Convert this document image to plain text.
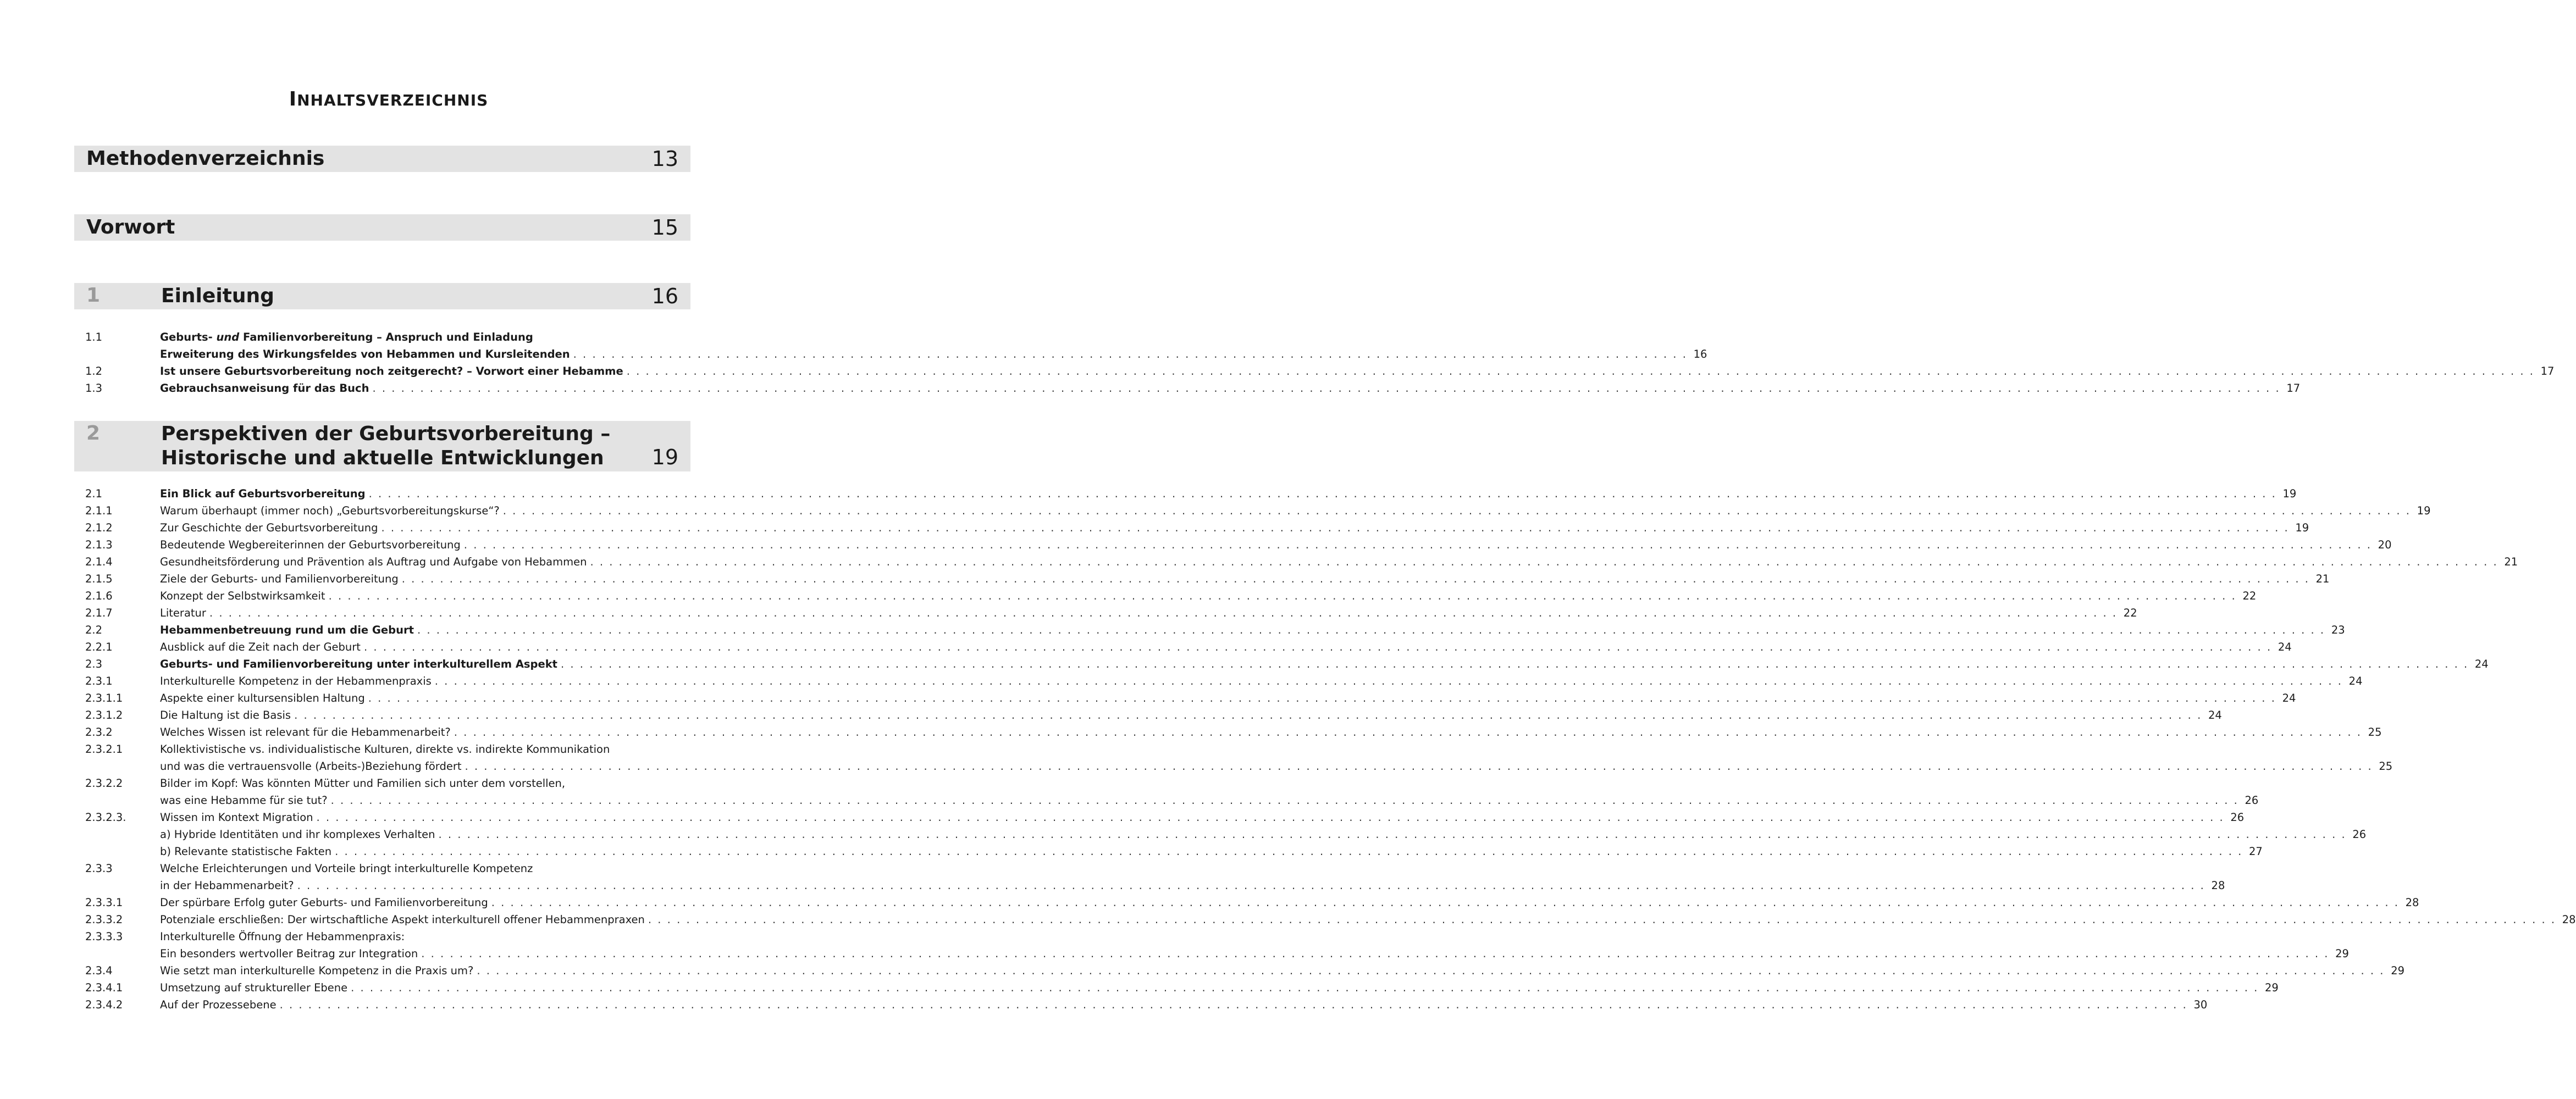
INHALTSVERZEICHNIS
Methodenverzeichnis	13
Vorwort	15
1	Einleitung	16
2	Perspektiven der Geburtsvorbereitung –
Historische und aktuelle Entwicklungen	19
1.1	Geburts- und Familienvorbereitung – Anspruch und Einladung
Erweiterung des Wirkungsfeldes von Hebammen und Kursleitenden . . . . . . . . . . . . . . . . . . . . . . . . . . . . . . . . . . . . . . . . . . . . . . . . . . . . . . . . . . . . . . . . . . . . . . . . . . . . . . . . . . . . . . . . . . . . . . . . . . . . . . . . . . . . . . . . . . . . . 16
1.2	Ist unsere Geburtsvorbereitung noch zeitgerecht? – Vorwort einer Hebamme . . . . . . . . . . . . . . . . . . . . . . . . . . . . . . . . . . . . . . . . . . . . . . . . . . . . . . . . . . . . . . . . . . . . . . . . . . . . . . . . . . . . . . . . . . . . . . . . . . . . . . . . . . . . . . . . . . . . . . . . . . . . . . . . . . . . . . . . . . . . . . . . . . . . . . . . . . . . . . . . . . . . . . . . . . . . . . . . . . . . . . . . . . . . . . . . . . . . . . . . 17
1.3	Gebrauchsanweisung für das Buch . . . . . . . . . . . . . . . . . . . . . . . . . . . . . . . . . . . . . . . . . . . . . . . . . . . . . . . . . . . . . . . . . . . . . . . . . . . . . . . . . . . . . . . . . . . . . . . . . . . . . . . . . . . . . . . . . . . . . . . . . . . . . . . . . . . . . . . . . . . . . . . . . . . . . . . . . . . . . . . . . . . . . . . . . . . . . . . . . . . . . . . . . . . . . . . . . . . . . . . . 17
2.1	Ein Blick auf Geburtsvorbereitung . . . . . . . . . . . . . . . . . . . . . . . . . . . . . . . . . . . . . . . . . . . . . . . . . . . . . . . . . . . . . . . . . . . . . . . . . . . . . . . . . . . . . . . . . . . . . . . . . . . . . . . . . . . . . . . . . . . . . . . . . . . . . . . . . . . . . . . . . . . . . . . . . . . . . . . . . . . . . . . . . . . . . . . . . . . . . . . . . . . . . . . . . . . . . . . . . . . . . . . . 19
2.1.1	Warum überhaupt (immer noch) „Geburtsvorbereitungskurse“? . . . . . . . . . . . . . . . . . . . . . . . . . . . . . . . . . . . . . . . . . . . . . . . . . . . . . . . . . . . . . . . . . . . . . . . . . . . . . . . . . . . . . . . . . . . . . . . . . . . . . . . . . . . . . . . . . . . . . . . . . . . . . . . . . . . . . . . . . . . . . . . . . . . . . . . . . . . . . . . . . . . . . . . . . . . . . . . . . . . . . . . . . . . . . . . . . . . . . . . . 19
2.1.2	Zur Geschichte der Geburtsvorbereitung . . . . . . . . . . . . . . . . . . . . . . . . . . . . . . . . . . . . . . . . . . . . . . . . . . . . . . . . . . . . . . . . . . . . . . . . . . . . . . . . . . . . . . . . . . . . . . . . . . . . . . . . . . . . . . . . . . . . . . . . . . . . . . . . . . . . . . . . . . . . . . . . . . . . . . . . . . . . . . . . . . . . . . . . . . . . . . . . . . . . . . . . . . . . . . . . . . . . . . . . 19
2.1.3	Bedeutende Wegbereiterinnen der Geburtsvorbereitung . . . . . . . . . . . . . . . . . . . . . . . . . . . . . . . . . . . . . . . . . . . . . . . . . . . . . . . . . . . . . . . . . . . . . . . . . . . . . . . . . . . . . . . . . . . . . . . . . . . . . . . . . . . . . . . . . . . . . . . . . . . . . . . . . . . . . . . . . . . . . . . . . . . . . . . . . . . . . . . . . . . . . . . . . . . . . . . . . . . . . . . . . . . . . . . . . . . . . . . . 20
2.1.4	Gesundheitsförderung und Prävention als Auftrag und Aufgabe von Hebammen . . . . . . . . . . . . . . . . . . . . . . . . . . . . . . . . . . . . . . . . . . . . . . . . . . . . . . . . . . . . . . . . . . . . . . . . . . . . . . . . . . . . . . . . . . . . . . . . . . . . . . . . . . . . . . . . . . . . . . . . . . . . . . . . . . . . . . . . . . . . . . . . . . . . . . . . . . . . . . . . . . . . . . . . . . . . . . . . . . . . . . . . . . . . . . . . . . . . . . . . 21
2.1.5	Ziele der Geburts- und Familienvorbereitung . . . . . . . . . . . . . . . . . . . . . . . . . . . . . . . . . . . . . . . . . . . . . . . . . . . . . . . . . . . . . . . . . . . . . . . . . . . . . . . . . . . . . . . . . . . . . . . . . . . . . . . . . . . . . . . . . . . . . . . . . . . . . . . . . . . . . . . . . . . . . . . . . . . . . . . . . . . . . . . . . . . . . . . . . . . . . . . . . . . . . . . . . . . . . . . . . . . . . . . . 21
2.1.6	Konzept der Selbstwirksamkeit . . . . . . . . . . . . . . . . . . . . . . . . . . . . . . . . . . . . . . . . . . . . . . . . . . . . . . . . . . . . . . . . . . . . . . . . . . . . . . . . . . . . . . . . . . . . . . . . . . . . . . . . . . . . . . . . . . . . . . . . . . . . . . . . . . . . . . . . . . . . . . . . . . . . . . . . . . . . . . . . . . . . . . . . . . . . . . . . . . . . . . . . . . . . . . . . . . . . . . . . 22
2.1.7	Literatur . . . . . . . . . . . . . . . . . . . . . . . . . . . . . . . . . . . . . . . . . . . . . . . . . . . . . . . . . . . . . . . . . . . . . . . . . . . . . . . . . . . . . . . . . . . . . . . . . . . . . . . . . . . . . . . . . . . . . . . . . . . . . . . . . . . . . . . . . . . . . . . . . . . . . . . . . . . . . . . . . . . . . . . . . . . . . . . . . . . . . . . . . . . . . . . . . . . . . . . . 22
2.2	Hebammenbetreuung rund um die Geburt . . . . . . . . . . . . . . . . . . . . . . . . . . . . . . . . . . . . . . . . . . . . . . . . . . . . . . . . . . . . . . . . . . . . . . . . . . . . . . . . . . . . . . . . . . . . . . . . . . . . . . . . . . . . . . . . . . . . . . . . . . . . . . . . . . . . . . . . . . . . . . . . . . . . . . . . . . . . . . . . . . . . . . . . . . . . . . . . . . . . . . . . . . . . . . . . . . . . . . . . 23
2.2.1	Ausblick auf die Zeit nach der Geburt . . . . . . . . . . . . . . . . . . . . . . . . . . . . . . . . . . . . . . . . . . . . . . . . . . . . . . . . . . . . . . . . . . . . . . . . . . . . . . . . . . . . . . . . . . . . . . . . . . . . . . . . . . . . . . . . . . . . . . . . . . . . . . . . . . . . . . . . . . . . . . . . . . . . . . . . . . . . . . . . . . . . . . . . . . . . . . . . . . . . . . . . . . . . . . . . . . . . . . . . 24
2.3	Geburts- und Familienvorbereitung unter interkulturellem Aspekt . . . . . . . . . . . . . . . . . . . . . . . . . . . . . . . . . . . . . . . . . . . . . . . . . . . . . . . . . . . . . . . . . . . . . . . . . . . . . . . . . . . . . . . . . . . . . . . . . . . . . . . . . . . . . . . . . . . . . . . . . . . . . . . . . . . . . . . . . . . . . . . . . . . . . . . . . . . . . . . . . . . . . . . . . . . . . . . . . . . . . . . . . . . . . . . . . . . . . . . . 24
2.3.1	Interkulturelle Kompetenz in der Hebammenpraxis . . . . . . . . . . . . . . . . . . . . . . . . . . . . . . . . . . . . . . . . . . . . . . . . . . . . . . . . . . . . . . . . . . . . . . . . . . . . . . . . . . . . . . . . . . . . . . . . . . . . . . . . . . . . . . . . . . . . . . . . . . . . . . . . . . . . . . . . . . . . . . . . . . . . . . . . . . . . . . . . . . . . . . . . . . . . . . . . . . . . . . . . . . . . . . . . . . . . . . . . 24
2.3.1.1	Aspekte einer kultursensiblen Haltung . . . . . . . . . . . . . . . . . . . . . . . . . . . . . . . . . . . . . . . . . . . . . . . . . . . . . . . . . . . . . . . . . . . . . . . . . . . . . . . . . . . . . . . . . . . . . . . . . . . . . . . . . . . . . . . . . . . . . . . . . . . . . . . . . . . . . . . . . . . . . . . . . . . . . . . . . . . . . . . . . . . . . . . . . . . . . . . . . . . . . . . . . . . . . . . . . . . . . . . . 24
2.3.1.2	Die Haltung ist die Basis . . . . . . . . . . . . . . . . . . . . . . . . . . . . . . . . . . . . . . . . . . . . . . . . . . . . . . . . . . . . . . . . . . . . . . . . . . . . . . . . . . . . . . . . . . . . . . . . . . . . . . . . . . . . . . . . . . . . . . . . . . . . . . . . . . . . . . . . . . . . . . . . . . . . . . . . . . . . . . . . . . . . . . . . . . . . . . . . . . . . . . . . . . . . . . . . . . . . . . . . 24
2.3.2	Welches Wissen ist relevant für die Hebammenarbeit? . . . . . . . . . . . . . . . . . . . . . . . . . . . . . . . . . . . . . . . . . . . . . . . . . . . . . . . . . . . . . . . . . . . . . . . . . . . . . . . . . . . . . . . . . . . . . . . . . . . . . . . . . . . . . . . . . . . . . . . . . . . . . . . . . . . . . . . . . . . . . . . . . . . . . . . . . . . . . . . . . . . . . . . . . . . . . . . . . . . . . . . . . . . . . . . . . . . . . . . . 25
2.3.2.1	Kollektivistische vs. individualistische Kulturen, direkte vs. indirekte Kommunikation
und was die vertrauensvolle (Arbeits-)Beziehung fördert . . . . . . . . . . . . . . . . . . . . . . . . . . . . . . . . . . . . . . . . . . . . . . . . . . . . . . . . . . . . . . . . . . . . . . . . . . . . . . . . . . . . . . . . . . . . . . . . . . . . . . . . . . . . . . . . . . . . . . . . . . . . . . . . . . . . . . . . . . . . . . . . . . . . . . . . . . . . . . . . . . . . . . . . . . . . . . . . . . . . . . . . . . . . . . . . . . . . . . . . 25
2.3.2.2	Bilder im Kopf: Was könnten Mütter und Familien sich unter dem vorstellen,
was eine Hebamme für sie tut? . . . . . . . . . . . . . . . . . . . . . . . . . . . . . . . . . . . . . . . . . . . . . . . . . . . . . . . . . . . . . . . . . . . . . . . . . . . . . . . . . . . . . . . . . . . . . . . . . . . . . . . . . . . . . . . . . . . . . . . . . . . . . . . . . . . . . . . . . . . . . . . . . . . . . . . . . . . . . . . . . . . . . . . . . . . . . . . . . . . . . . . . . . . . . . . . . . . . . . . . 26
2.3.2.3.	Wissen im Kontext Migration . . . . . . . . . . . . . . . . . . . . . . . . . . . . . . . . . . . . . . . . . . . . . . . . . . . . . . . . . . . . . . . . . . . . . . . . . . . . . . . . . . . . . . . . . . . . . . . . . . . . . . . . . . . . . . . . . . . . . . . . . . . . . . . . . . . . . . . . . . . . . . . . . . . . . . . . . . . . . . . . . . . . . . . . . . . . . . . . . . . . . . . . . . . . . . . . . . . . . . . . 26
a) Hybride Identitäten und ihr komplexes Verhalten . . . . . . . . . . . . . . . . . . . . . . . . . . . . . . . . . . . . . . . . . . . . . . . . . . . . . . . . . . . . . . . . . . . . . . . . . . . . . . . . . . . . . . . . . . . . . . . . . . . . . . . . . . . . . . . . . . . . . . . . . . . . . . . . . . . . . . . . . . . . . . . . . . . . . . . . . . . . . . . . . . . . . . . . . . . . . . . . . . . . . . . . . . . . . . . . . . . . . . . . 26
b) Relevante statistische Fakten . . . . . . . . . . . . . . . . . . . . . . . . . . . . . . . . . . . . . . . . . . . . . . . . . . . . . . . . . . . . . . . . . . . . . . . . . . . . . . . . . . . . . . . . . . . . . . . . . . . . . . . . . . . . . . . . . . . . . . . . . . . . . . . . . . . . . . . . . . . . . . . . . . . . . . . . . . . . . . . . . . . . . . . . . . . . . . . . . . . . . . . . . . . . . . . . . . . . . . . . 27
2.3.3	Welche Erleichterungen und Vorteile bringt interkulturelle Kompetenz
in der Hebammenarbeit? . . . . . . . . . . . . . . . . . . . . . . . . . . . . . . . . . . . . . . . . . . . . . . . . . . . . . . . . . . . . . . . . . . . . . . . . . . . . . . . . . . . . . . . . . . . . . . . . . . . . . . . . . . . . . . . . . . . . . . . . . . . . . . . . . . . . . . . . . . . . . . . . . . . . . . . . . . . . . . . . . . . . . . . . . . . . . . . . . . . . . . . . . . . . . . . . . . . . . . . . 28
2.3.3.1	Der spürbare Erfolg guter Geburts- und Familienvorbereitung . . . . . . . . . . . . . . . . . . . . . . . . . . . . . . . . . . . . . . . . . . . . . . . . . . . . . . . . . . . . . . . . . . . . . . . . . . . . . . . . . . . . . . . . . . . . . . . . . . . . . . . . . . . . . . . . . . . . . . . . . . . . . . . . . . . . . . . . . . . . . . . . . . . . . . . . . . . . . . . . . . . . . . . . . . . . . . . . . . . . . . . . . . . . . . . . . . . . . . . . 28
2.3.3.2	Potenziale erschließen: Der wirtschaftliche Aspekt interkulturell offener Hebammenpraxen . . . . . . . . . . . . . . . . . . . . . . . . . . . . . . . . . . . . . . . . . . . . . . . . . . . . . . . . . . . . . . . . . . . . . . . . . . . . . . . . . . . . . . . . . . . . . . . . . . . . . . . . . . . . . . . . . . . . . . . . . . . . . . . . . . . . . . . . . . . . . . . . . . . . . . . . . . . . . . . . . . . . . . . . . . . . . . . . . . . . . . . . . . . . . . . . . . . . . . . . 28
2.3.3.3	Interkulturelle Öffnung der Hebammenpraxis:
Ein besonders wertvoller Beitrag zur Integration . . . . . . . . . . . . . . . . . . . . . . . . . . . . . . . . . . . . . . . . . . . . . . . . . . . . . . . . . . . . . . . . . . . . . . . . . . . . . . . . . . . . . . . . . . . . . . . . . . . . . . . . . . . . . . . . . . . . . . . . . . . . . . . . . . . . . . . . . . . . . . . . . . . . . . . . . . . . . . . . . . . . . . . . . . . . . . . . . . . . . . . . . . . . . . . . . . . . . . . . 29
2.3.4	Wie setzt man interkulturelle Kompetenz in die Praxis um? . . . . . . . . . . . . . . . . . . . . . . . . . . . . . . . . . . . . . . . . . . . . . . . . . . . . . . . . . . . . . . . . . . . . . . . . . . . . . . . . . . . . . . . . . . . . . . . . . . . . . . . . . . . . . . . . . . . . . . . . . . . . . . . . . . . . . . . . . . . . . . . . . . . . . . . . . . . . . . . . . . . . . . . . . . . . . . . . . . . . . . . . . . . . . . . . . . . . . . . . 29
2.3.4.1	Umsetzung auf struktureller Ebene . . . . . . . . . . . . . . . . . . . . . . . . . . . . . . . . . . . . . . . . . . . . . . . . . . . . . . . . . . . . . . . . . . . . . . . . . . . . . . . . . . . . . . . . . . . . . . . . . . . . . . . . . . . . . . . . . . . . . . . . . . . . . . . . . . . . . . . . . . . . . . . . . . . . . . . . . . . . . . . . . . . . . . . . . . . . . . . . . . . . . . . . . . . . . . . . . . . . . . . . 29
2.3.4.2	Auf der Prozessebene . . . . . . . . . . . . . . . . . . . . . . . . . . . . . . . . . . . . . . . . . . . . . . . . . . . . . . . . . . . . . . . . . . . . . . . . . . . . . . . . . . . . . . . . . . . . . . . . . . . . . . . . . . . . . . . . . . . . . . . . . . . . . . . . . . . . . . . . . . . . . . . . . . . . . . . . . . . . . . . . . . . . . . . . . . . . . . . . . . . . . . . . . . . . . . . . . . . . . . . . 30
